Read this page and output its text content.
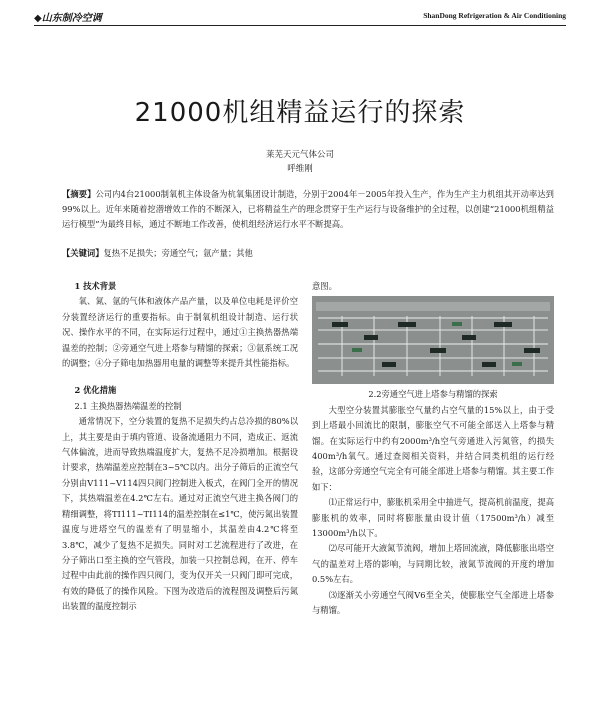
◆山东制冷空调	ShanDong Refrigeration & Air Conditioning
21000机组精益运行的探索
莱芜天元气体公司
呼维刚

【摘要】公司内4台21000制氧机主体设备为杭氧集团设计制造，分别于2004年－2005年投入生产，作为生产主力机组其开动率达到99%以上。近年来随着挖潜增效工作的不断深入，已将精益生产的理念贯穿于生产运行与设备维护的全过程，以创建“21000机组精益运行模型”为最终目标，通过不断地工作改善，使机组经济运行水平不断提高。

【关键词】复热不足损失；旁通空气；氩产量；其他

1 技术背景

氧、氮、氩的气体和液体产品产量，以及单位电耗是评价空分装置经济运行的重要指标。由于制氧机组设计制造、运行状况、操作水平的不同，在实际运行过程中，通过①主换热器热端温差的控制；②旁通空气进上塔参与精馏的探索；③氩系统工况的调整；④分子筛电加热器用电量的调整等来提升其性能指标。

2 优化措施
2.1 主换热器热端温差的控制

通常情况下，空分装置的复热不足损失约占总冷损的80%以上，其主要是由于填内管道、设备流通阻力不同，造成正、返流气体偏流，进而导致热端温度扩大，复热不足冷损增加。根据设计要求，热端温差应控制在3~5℃以内。出分子筛后的正流空气分别由V111~V114四只阀门控制进入板式，在阀门全开的情况下，其热端温差在4.2℃左右。通过对正流空气进主换各阀门的精细调整，将TI111~TI114的温差控制在≤1℃，使污氮出装置温度与进塔空气的温差有了明显缩小，其温差由4.2℃将至3.8℃，减少了复热不足损失。同时对工艺流程进行了改进，在分子筛出口至主换的空气管段，加装一只控制总阀，在开、停车过程中由此前的操作四只阀门，变为仅开关一只阀门即可完成，有效的降低了的操作风险。下图为改造后的流程图及调整后污氮出装置的温度控制示

意图。

2.2旁通空气进上塔参与精馏的探索

大型空分装置其膨胀空气量约占空气量的15%以上，由于受到上塔最小回流比的限制，膨胀空气不可能全部送入上塔参与精馏。在实际运行中约有2000m³/h空气旁通进入污氮管，约损失400m³/h氧气。通过查阅相关资料，并结合同类机组的运行经验，这部分旁通空气完全有可能全部进上塔参与精馏。其主要工作如下：

⑴正常运行中，膨胀机采用全中抽进气，提高机前温度，提高膨胀机的效率，同时将膨胀量由设计值（17500m³/h）减至13000m³/h以下。

⑵尽可能开大液氮节流阀，增加上塔回流液，降低膨胀出塔空气的温差对上塔的影响，与同期比较，液氮节流阀的开度约增加0.5%左右。

⑶逐渐关小旁通空气阀V6至全关，使膨胀空气全部进上塔参与精馏。
